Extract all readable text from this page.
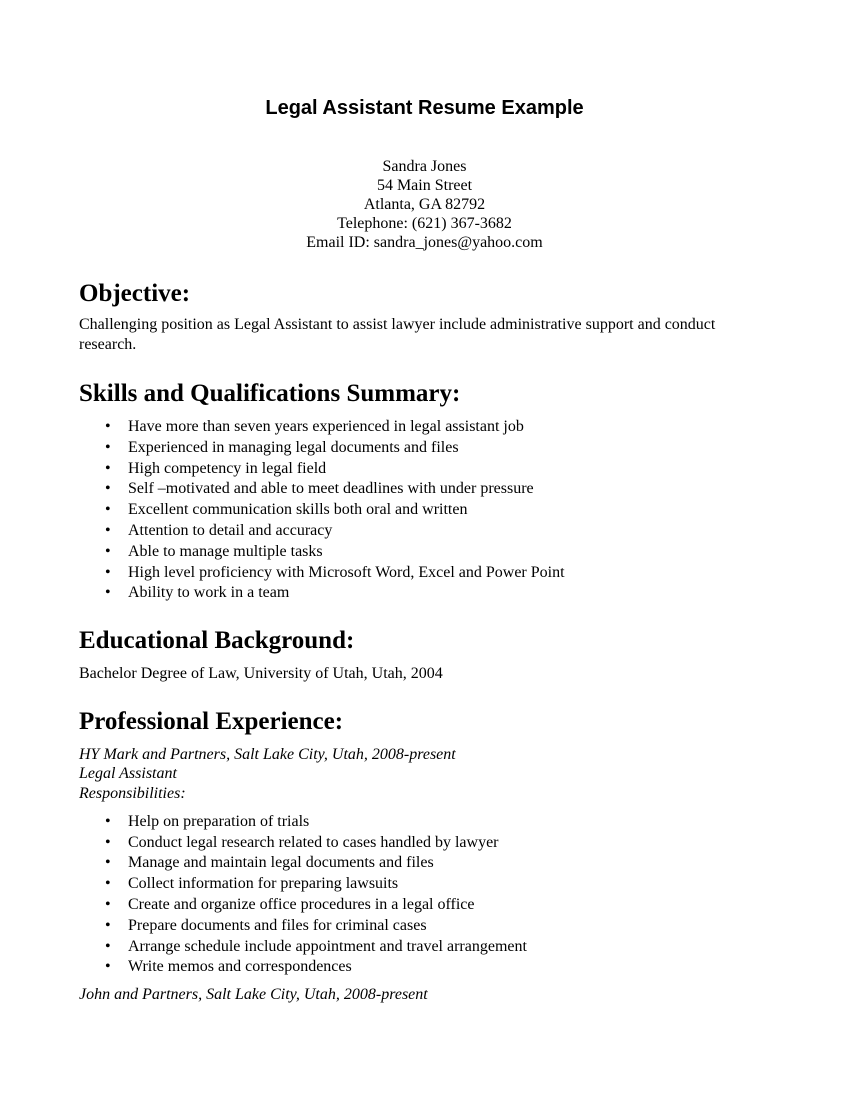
Legal Assistant Resume Example
Sandra Jones
54 Main Street
Atlanta, GA 82792
Telephone: (621) 367-3682
Email ID: sandra_jones@yahoo.com
Objective:

Challenging position as Legal Assistant to assist lawyer include administrative support and conduct research.

Skills and Qualifications Summary:
• Have more than seven years experienced in legal assistant job
• Experienced in managing legal documents and files
• High competency in legal field
• Self –motivated and able to meet deadlines with under pressure
• Excellent communication skills both oral and written
• Attention to detail and accuracy
• Able to manage multiple tasks
• High level proficiency with Microsoft Word, Excel and Power Point
• Ability to work in a team
Educational Background:

Bachelor Degree of Law, University of Utah, Utah, 2004

Professional Experience:
HY Mark and Partners, Salt Lake City, Utah, 2008-present
Legal Assistant
Responsibilities:
• Help on preparation of trials
• Conduct legal research related to cases handled by lawyer
• Manage and maintain legal documents and files
• Collect information for preparing lawsuits
• Create and organize office procedures in a legal office
• Prepare documents and files for criminal cases
• Arrange schedule include appointment and travel arrangement
• Write memos and correspondences
John and Partners, Salt Lake City, Utah, 2008-present
